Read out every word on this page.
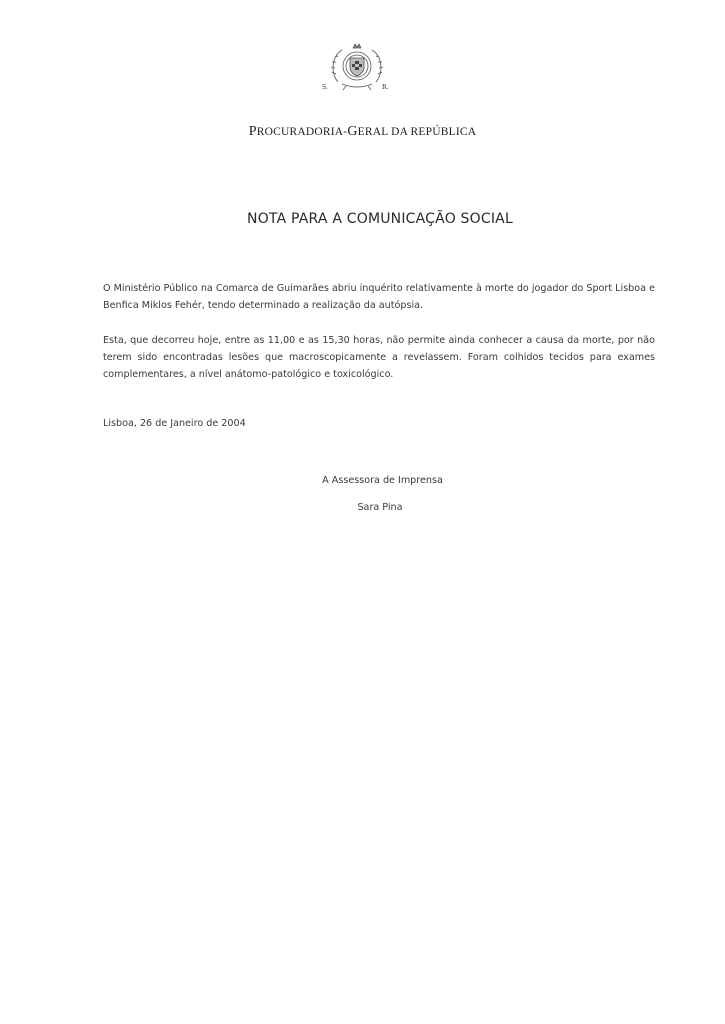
S.	R.
PROCURADORIA-GERAL DA REPÚBLICA
NOTA PARA A COMUNICAÇÃO SOCIAL

O Ministério Público na Comarca de Guimarães abriu inquérito relativamente à morte do jogador do Sport Lisboa e Benfica Miklos Fehér, tendo determinado a realização da autópsia.

Esta, que decorreu hoje, entre as 11,00 e as 15,30 horas, não permite ainda conhecer a causa da morte, por não terem sido encontradas lesões que macroscopicamente a revelassem. Foram colhidos tecidos para exames complementares, a nível anátomo-patológico e toxicológico.

Lisboa, 26 de Janeiro de 2004
A Assessora de Imprensa
Sara Pina
